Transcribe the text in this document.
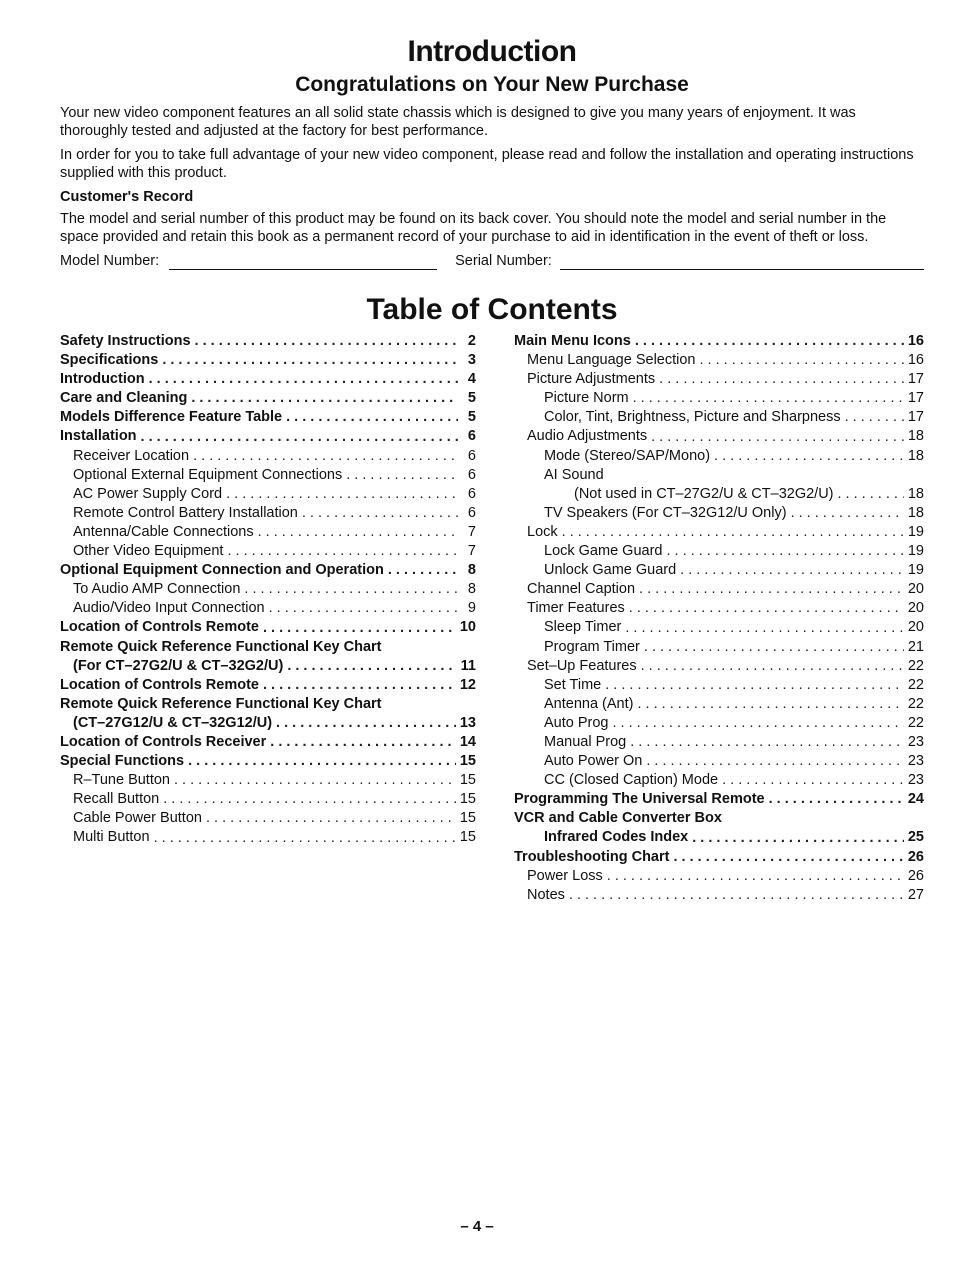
Introduction
Congratulations on Your New Purchase

Your new video component features an all solid state chassis which is designed to give you many years of enjoyment. It was thoroughly tested and adjusted at the factory for best performance.

In order for you to take full advantage of your new video component, please read and follow the installation and operating instructions supplied with this product.

Customer's Record

The model and serial number of this product may be found on its back cover. You should note the model and serial number in the space provided and retain this book as a permanent record of your purchase to aid in identification in the event of theft or loss.

Model Number:	Serial Number:
Table of Contents
Safety Instructions . . .	2
Specifications . . .	3
Introduction . . .	4
Care and Cleaning . . .	5
Models Difference Feature Table . . .	5
Installation . . .	6
Receiver Location . . .	6
Optional External Equipment Connections . . .	6
AC Power Supply Cord . . .	6
Remote Control Battery Installation . . .	6
Antenna/Cable Connections . . .	7
Other Video Equipment . . .	7
Optional Equipment Connection and Operation . . .	8
To Audio AMP Connection . . .	8
Audio/Video Input Connection . . .	9
Location of Controls Remote . . .	10
Remote Quick Reference Functional Key Chart
(For CT–27G2/U & CT–32G2/U) . . .	11
Location of Controls Remote . . .	12
Remote Quick Reference Functional Key Chart
(CT–27G12/U & CT–32G12/U) . . .	13
Location of Controls Receiver . . .	14
Special Functions . . .	15
R–Tune Button . . .	15
Recall Button . . .	15
Cable Power Button . . .	15
Multi Button . . .	15
Main Menu Icons . . .	16
Menu Language Selection . . .	16
Picture Adjustments . . .	17
Picture Norm . . .	17
Color, Tint, Brightness, Picture and Sharpness . . .	17
Audio Adjustments . . .	18
Mode (Stereo/SAP/Mono) . . .	18
AI Sound
(Not used in CT–27G2/U & CT–32G2/U) . . .	18
TV Speakers (For CT–32G12/U Only) . . .	18
Lock . . .	19
Lock Game Guard . . .	19
Unlock Game Guard . . .	19
Channel Caption . . .	20
Timer Features . . .	20
Sleep Timer . . .	20
Program Timer . . .	21
Set–Up Features . . .	22
Set Time . . .	22
Antenna (Ant) . . .	22
Auto Prog . . .	22
Manual Prog . . .	23
Auto Power On . . .	23
CC (Closed Caption) Mode . . .	23
Programming The Universal Remote . . .	24
VCR and Cable Converter Box
Infrared Codes Index . . .	25
Troubleshooting Chart . . .	26
Power Loss . . .	26
Notes . . .	27
– 4 –
